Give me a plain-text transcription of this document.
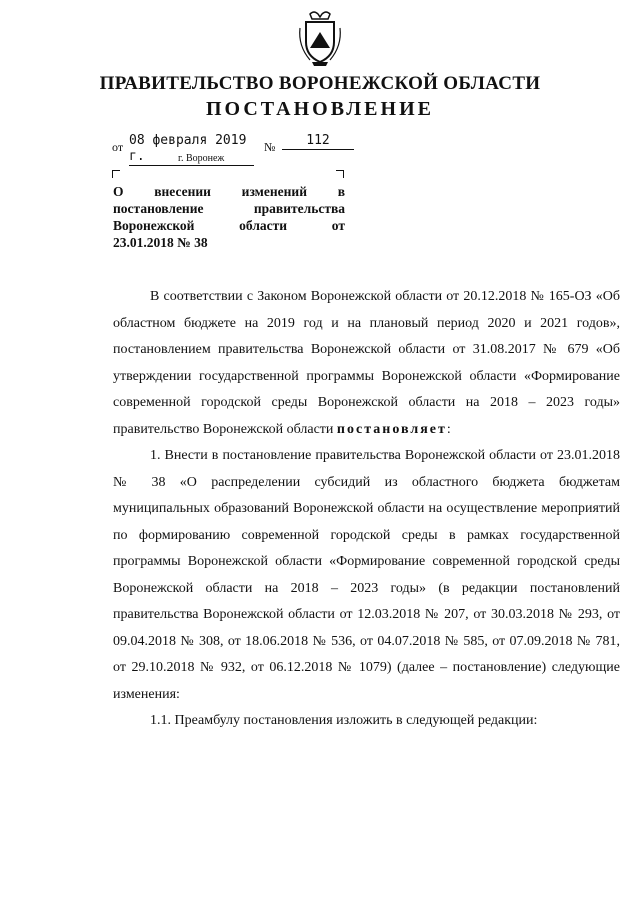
ПРАВИТЕЛЬСТВО ВОРОНЕЖСКОЙ ОБЛАСТИ
ПОСТАНОВЛЕНИЕ
от 08 февраля 2019 г.
№	112
г. Воронеж
О внесении изменений в
постановление правительства
Воронежской области от
23.01.2018 № 38

В соответствии с Законом Воронежской области от 20.12.2018 № 165-ОЗ «Об областном бюджете на 2019 год и на плановый период 2020 и 2021 годов», постановлением правительства Воронежской области от 31.08.2017 № 679 «Об утверждении государственной программы Воронежской области «Формирование современной городской среды Воронежской области на 2018 – 2023 годы» правительство Воронежской области постановляет:

1. Внести в постановление правительства Воронежской области от 23.01.2018 № 38 «О распределении субсидий из областного бюджета бюджетам муниципальных образований Воронежской области на осуществление мероприятий по формированию современной городской среды в рамках государственной программы Воронежской области «Формирование современной городской среды Воронежской области на 2018 – 2023 годы» (в редакции постановлений правительства Воронежской области от 12.03.2018 № 207, от 30.03.2018 № 293, от 09.04.2018 № 308, от 18.06.2018 № 536, от 04.07.2018 № 585, от 07.09.2018 № 781, от 29.10.2018 № 932, от 06.12.2018 № 1079) (далее – постановление) следующие изменения:

1.1. Преамбулу постановления изложить в следующей редакции:
